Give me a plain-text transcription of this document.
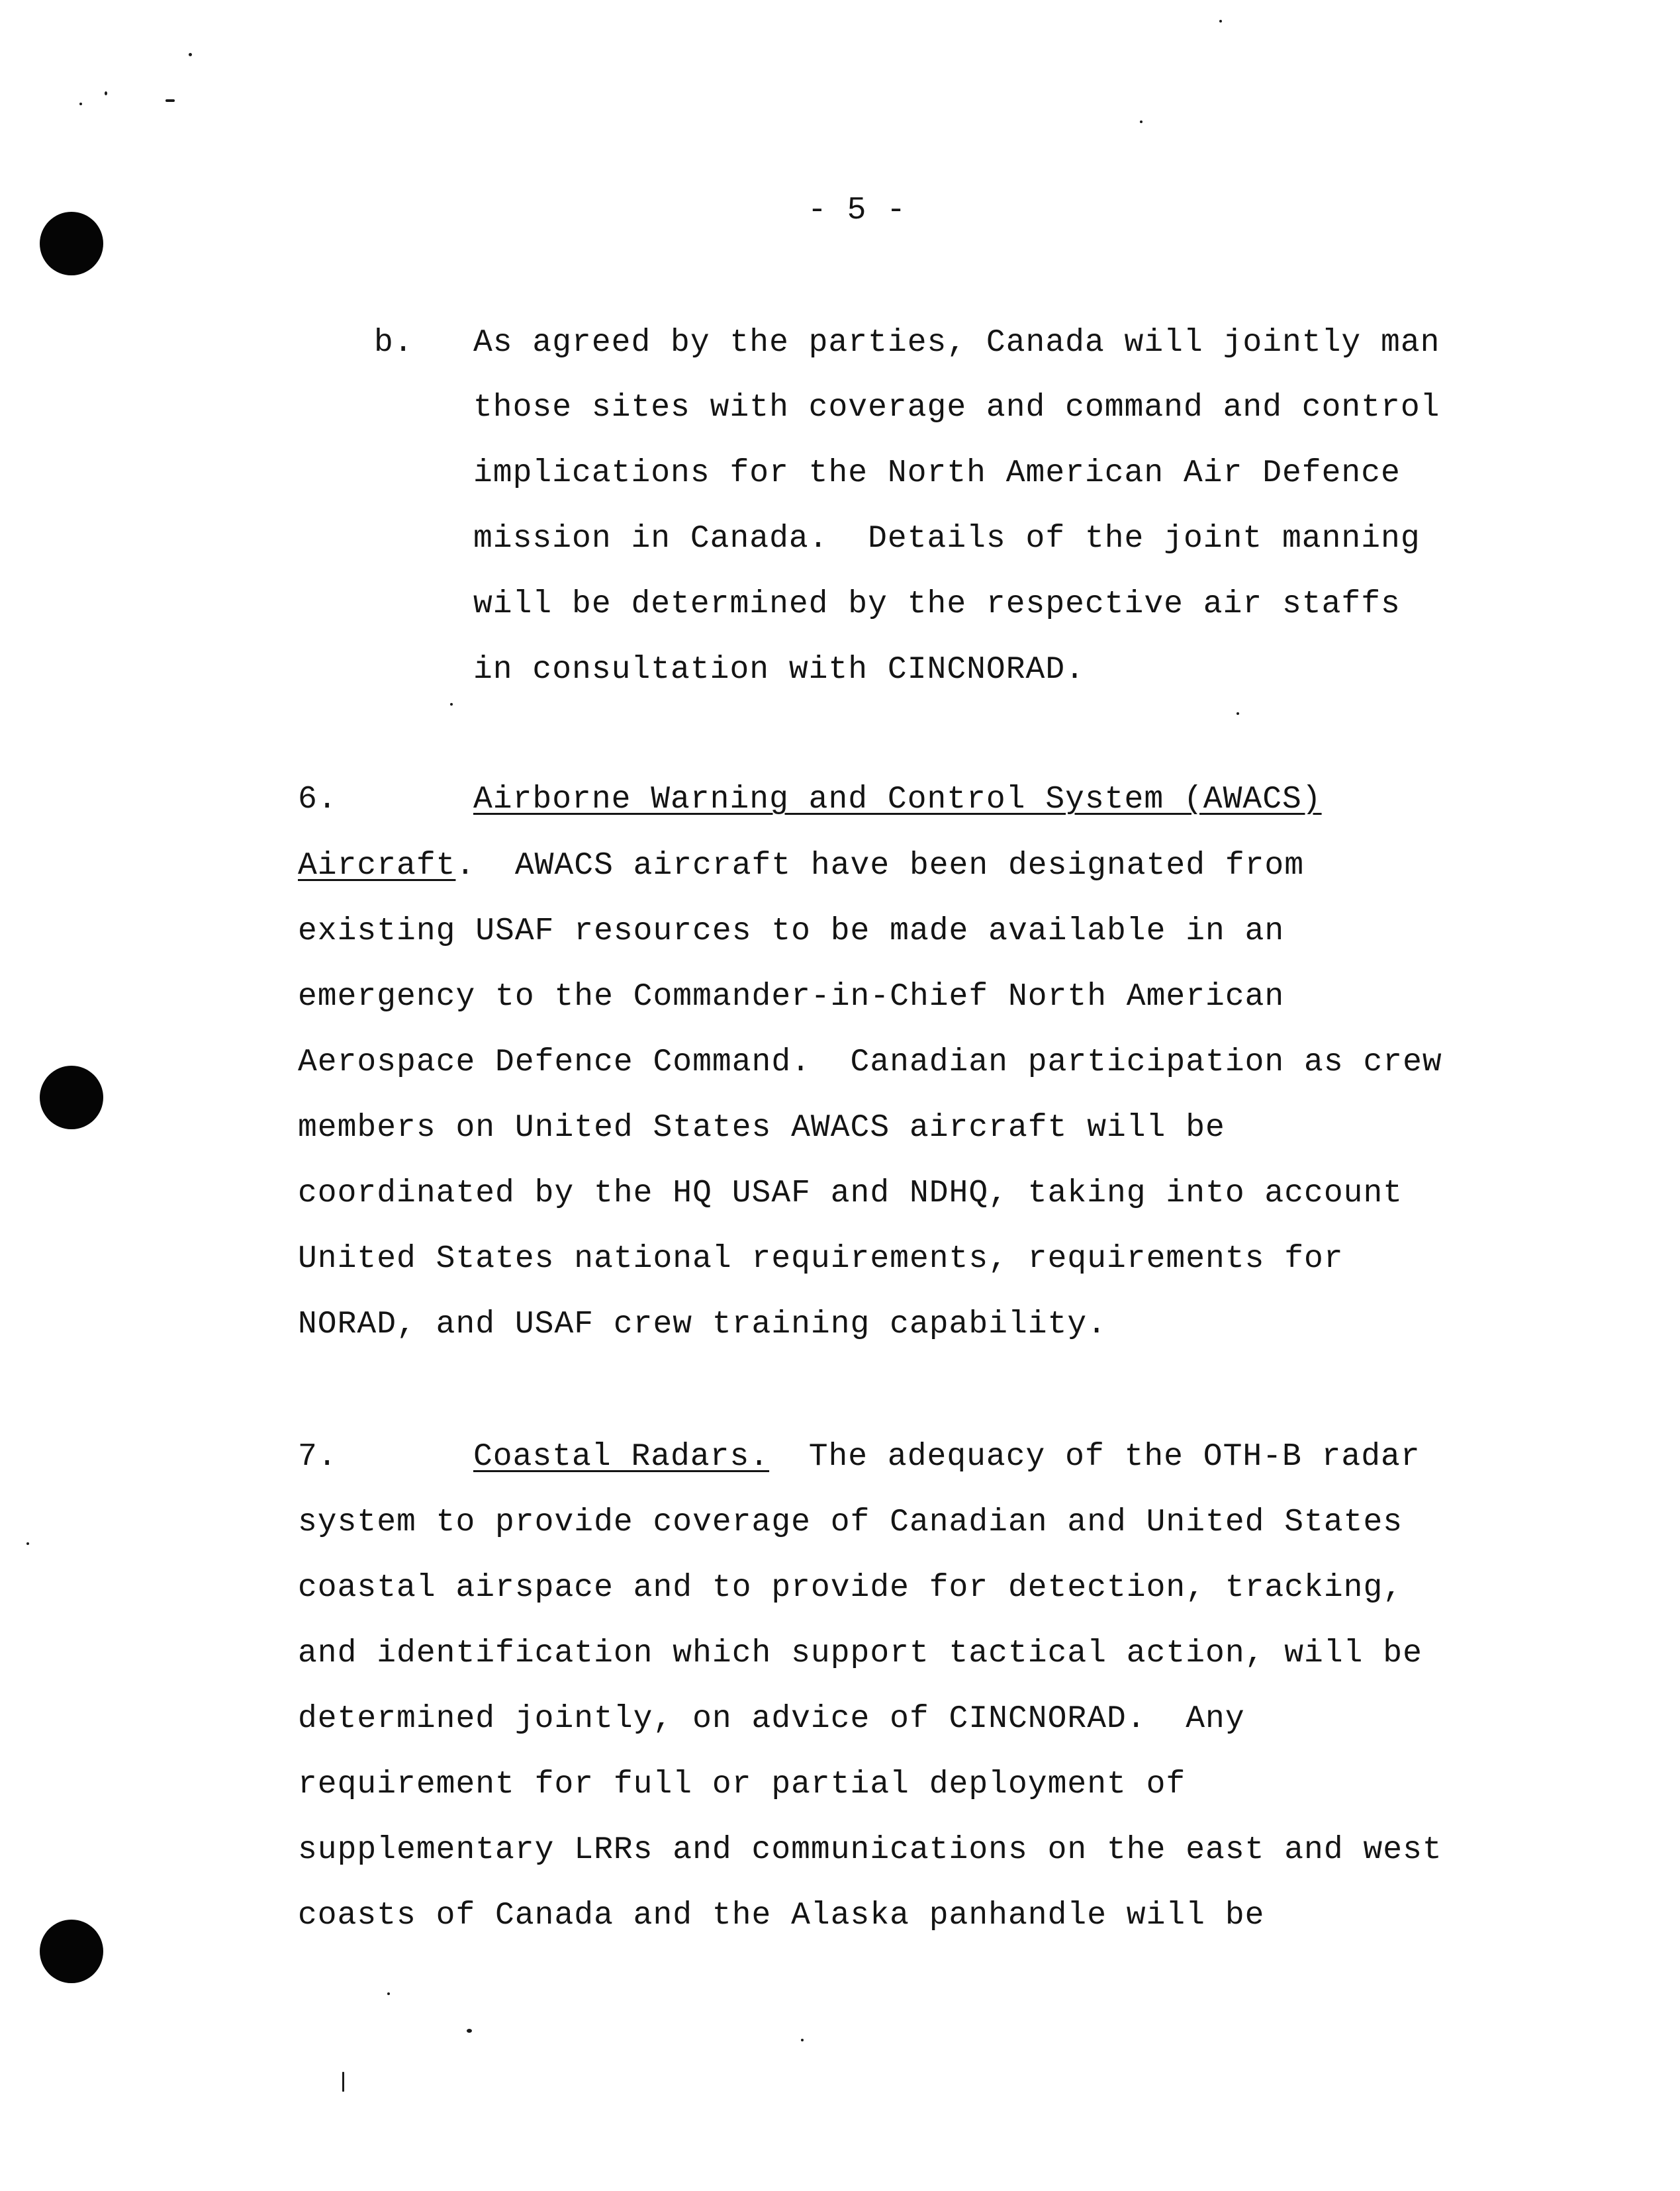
- 5 -
b. As agreed by the parties, Canada will jointly man
those sites with coverage and command and control
implications for the North American Air Defence
mission in Canada.  Details of the joint manning
will be determined by the respective air staffs
in consultation with CINCNORAD.
6.	Airborne Warning and Control System (AWACS)
Aircraft.  AWACS aircraft have been designated from
existing USAF resources to be made available in an
emergency to the Commander-in-Chief North American
Aerospace Defence Command.  Canadian participation as crew
members on United States AWACS aircraft will be
coordinated by the HQ USAF and NDHQ, taking into account
United States national requirements, requirements for
NORAD, and USAF crew training capability.
7.	Coastal Radars.  The adequacy of the OTH-B radar
system to provide coverage of Canadian and United States
coastal airspace and to provide for detection, tracking,
and identification which support tactical action, will be
determined jointly, on advice of CINCNORAD.  Any
requirement for full or partial deployment of
supplementary LRRs and communications on the east and west
coasts of Canada and the Alaska panhandle will be
